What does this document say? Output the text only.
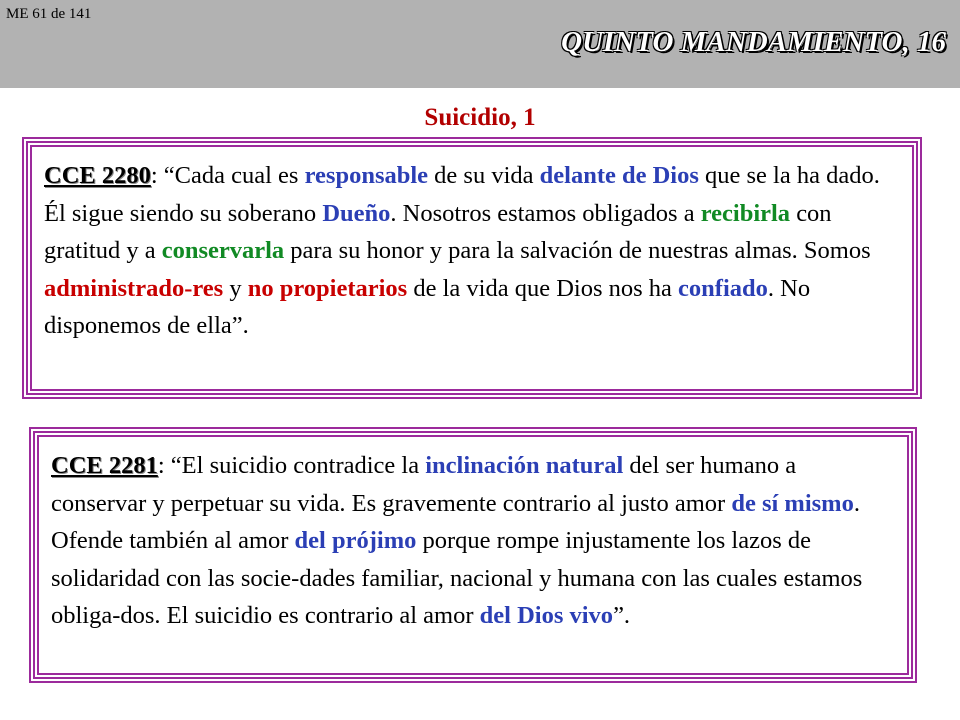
ME 61 de 141
QUINTO MANDAMIENTO, 16
Suicidio, 1

CCE 2280: “Cada cual es responsable de su vida delante de Dios que se la ha dado. Él sigue siendo su soberano Dueño. Nosotros estamos obligados a recibirla con gratitud y a conservarla para su honor y para la salvación de nuestras almas. Somos administrado-res y no propietarios de la vida que Dios nos ha confiado. No disponemos de ella”.

CCE 2281: “El suicidio contradice la inclinación natural del ser humano a conservar y perpetuar su vida. Es gravemente contrario al justo amor de sí mismo. Ofende también al amor del prójimo porque rompe injustamente los lazos de solidaridad con las socie-dades familiar, nacional y humana con las cuales estamos obliga-dos. El suicidio es contrario al amor del Dios vivo”.
